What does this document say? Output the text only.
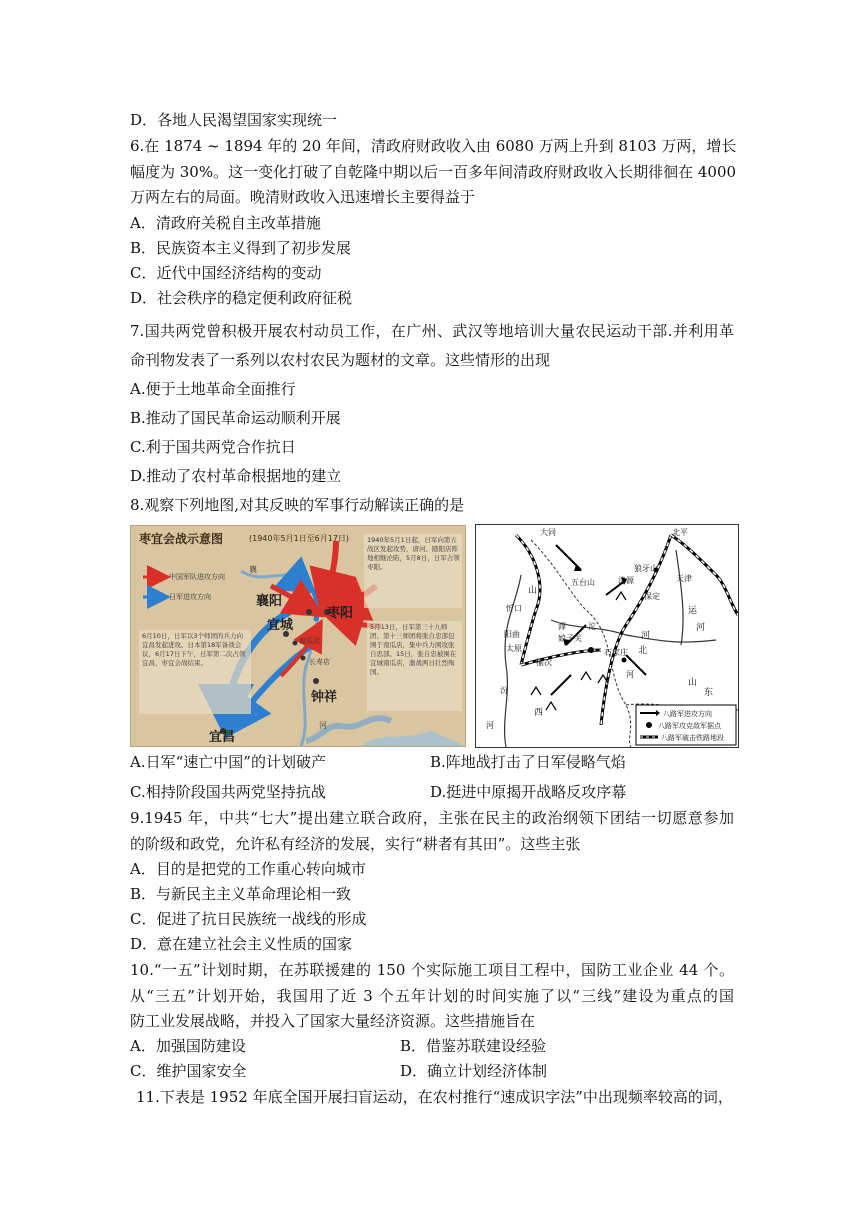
D．各地人民渴望国家实现统一
6.在 1874 ~ 1894 年的 20 年间，清政府财政收入由 6080 万两上升到 8103 万两，增长
幅度为 30%。这一变化打破了自乾隆中期以后一百多年间清政府财政收入长期徘徊在 4000
万两左右的局面。晚清财政收入迅速增长主要得益于
A．清政府关税自主改革措施
B．民族资本主义得到了初步发展
C．近代中国经济结构的变动
D．社会秩序的稳定便利政府征税
7.国共两党曾积极开展农村动员工作，在广州、武汉等地培训大量农民运动干部.并利用革
命刊物发表了一系列以农村农民为题材的文章。这些情形的出现
A.便于土地革命全面推行
B.推动了国民革命运动顺利开展
C.利于国共两党合作抗日
D.推动了农村革命根据地的建立
8.观察下列地图,对其反映的军事行动解读正确的是
枣宜会战示意图	(1940年5月1日至6月17日)
中国军队进攻方向
日军进攻方向
1940年5月1日起，日军向第五战区发起攻势，唐河、随阳店阵地相继沦陷，5月8日，日军占领枣阳。
5月13日，日军第三十九师团、第十三师团将张自忠部包围于南瓜店，集中兵力围攻张自忠部。15日，张自忠被围在宜城南瓜店，激战两日壮烈殉国。
6月10日，日军以3个师团的兵力向宜昌发起进攻。日本第18军备战会议，6月17日下午，日军第二次占领宜昌，枣宜会战结束。
襄
襄阳
枣阳
宜城
南瓜店
长寿店
钟祥
宜昌
河
大同	北平
天津
五台山
狼牙山
忻口
涞源
保定
阳曲
太原
娘子关
石家庄
榆次
山
西
河
北
山
东
运
河
汾
河
滹	沱
河
八路军进攻方向
八路军攻克敌军据点
八路军破击铁路地段
A.日军“速亡中国”的计划破产	B.阵地战打击了日军侵略气焰
C.相持阶段国共两党坚持抗战	D.挺进中原揭开战略反攻序幕
9.1945 年，中共“七大”提出建立联合政府，主张在民主的政治纲领下团结一切愿意参加
的阶级和政党，允许私有经济的发展，实行“耕者有其田”。这些主张
A．目的是把党的工作重心转向城市
B．与新民主主义革命理论相一致
C．促进了抗日民族统一战线的形成
D．意在建立社会主义性质的国家
10.“一五”计划时期，在苏联援建的 150 个实际施工项目工程中，国防工业企业 44 个。
从“三五”计划开始，我国用了近 3 个五年计划的时间实施了以“三线”建设为重点的国
防工业发展战略，并投入了国家大量经济资源。这些措施旨在
A．加强国防建设	B．借鉴苏联建设经验
C．维护国家安全	D．确立计划经济体制
11.下表是 1952 年底全国开展扫盲运动，在农村推行“速成识字法”中出现频率较高的词，
